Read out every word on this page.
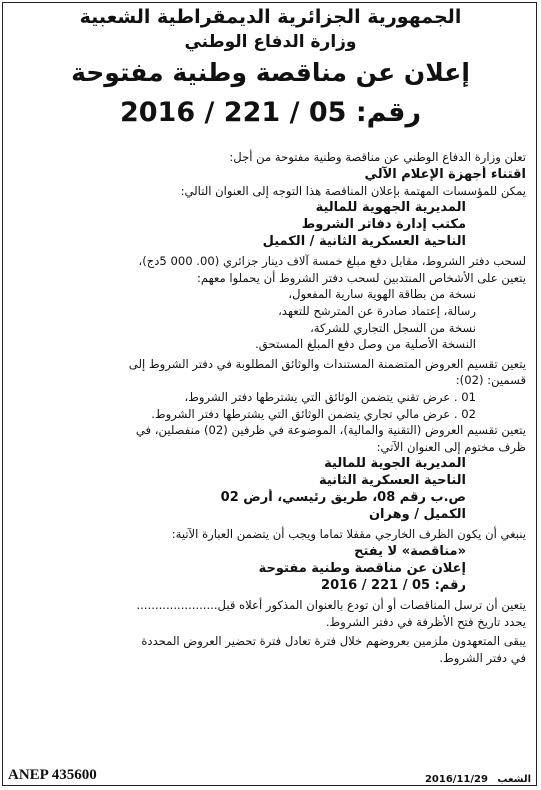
الجمهورية الجزائرية الديمقراطية الشعبية
وزارة الدفاع الوطني
إعلان عن مناقصة وطنية مفتوحة
رقم: 05 / 221 / 2016

تعلن وزارة الدفاع الوطني عن مناقصة وطنية مفتوحة من أجل:

اقتناء أجهزة الإعلام الآلي

يمكن للمؤسسات المهتمة بإعلان المناقصة هذا التوجه إلى العنوان التالي:

المديرية الجهوية للمالية

مكتب إدارة دفاتر الشروط

الناحية العسكرية الثانية / الكميل

لسحب دفتر الشروط، مقابل دفع مبلغ خمسة آلاف دينار جزائري (00. 000 5دج)،

يتعين على الأشخاص المنتدبين لسحب دفتر الشروط أن يحملوا معهم:

نسخة من بطاقة الهوية سارية المفعول،

رسالة، إعتماد صادرة عن المترشح للتعهد،

نسخة من السجل التجاري للشركة،

النسخة الأصلية من وصل دفع المبلغ المستحق.

يتعين تقسيم العروض المتضمنة المستندات والوثائق المطلوبة في دفتر الشروط إلى

قسمين: (02):

01 . عرض تقني يتضمن الوثائق التي يشترطها دفتر الشروط،

02 . عرض مالي تجاري يتضمن الوثائق التي يشترطها دفتر الشروط.

يتعين تقسيم العروض (التقنية والمالية)، الموضوعة في ظرفين (02) منفصلين، في

ظرف مختوم إلى العنوان الآتي:

المديرية الجوية للمالية

الناحية العسكرية الثانية

ص.ب رقم 08، طريق رئيسي، أرض 02

الكميل / وهران

ينبغي أن يكون الظرف الخارجي مقفلا تماما ويجب أن يتضمن العبارة الآتية:

«مناقصة» لا يفتح

إعلان عن مناقصة وطنية مفتوحة

رقم: 05 / 221 / 2016

يتعين أن ترسل المناقصات أو أن تودع بالعنوان المذكور أعلاه قبل......................

يحدد تاريخ فتح الأظرفة في دفتر الشروط.

يبقى المتعهدون ملزمين بعروضهم خلال فترة تعادل فترة تحضير العروض المحددة

في دفتر الشروط.

ANEP 435600	الشعب 2016/11/29
